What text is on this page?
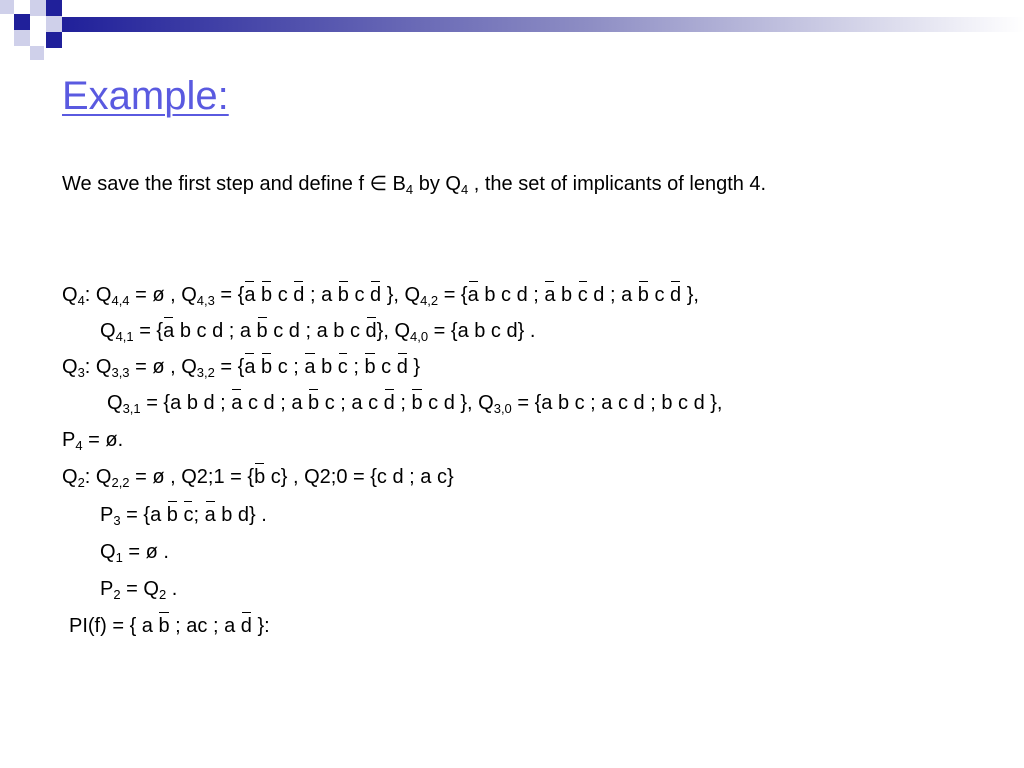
Example:
We save the first step and define f ∈ $B_4$ by $Q_4$ , the set of implicants of length 4.
$Q_4$: $Q_{4,4}$ = ø , $Q_{4,3} = \{a$ b c d ; a b c d }, $Q_{4,2} = \{a$ b c d ; a b c d ; a b c d },
$Q_{4,1} = \{a$ b c d ; a b c d ; a b c d}, $Q_{4,0} = \{a$ b c d} .
$Q_3$: $Q_{3,3}$ = ø , $Q_{3,2} = \{a$ b c ; a b c ; b c d }
$Q_{3,1} = \{a$ b d ; a c d ; a b c ; a c d ; b c d }, $Q_{3,0} = \{a$ b c ; a c d ; b c d },
$P_4$ = ø.
$Q_2$: $Q_{2,2}$ = ø , Q2;1 = {b c} , Q2;0 = {c d ; a c}
$P_3 = \{a$ b c; a b d} .
$Q_1$ = ø .
$P_2 = Q_2$ .
PI(f) = { a b ; ac ; a d }:
